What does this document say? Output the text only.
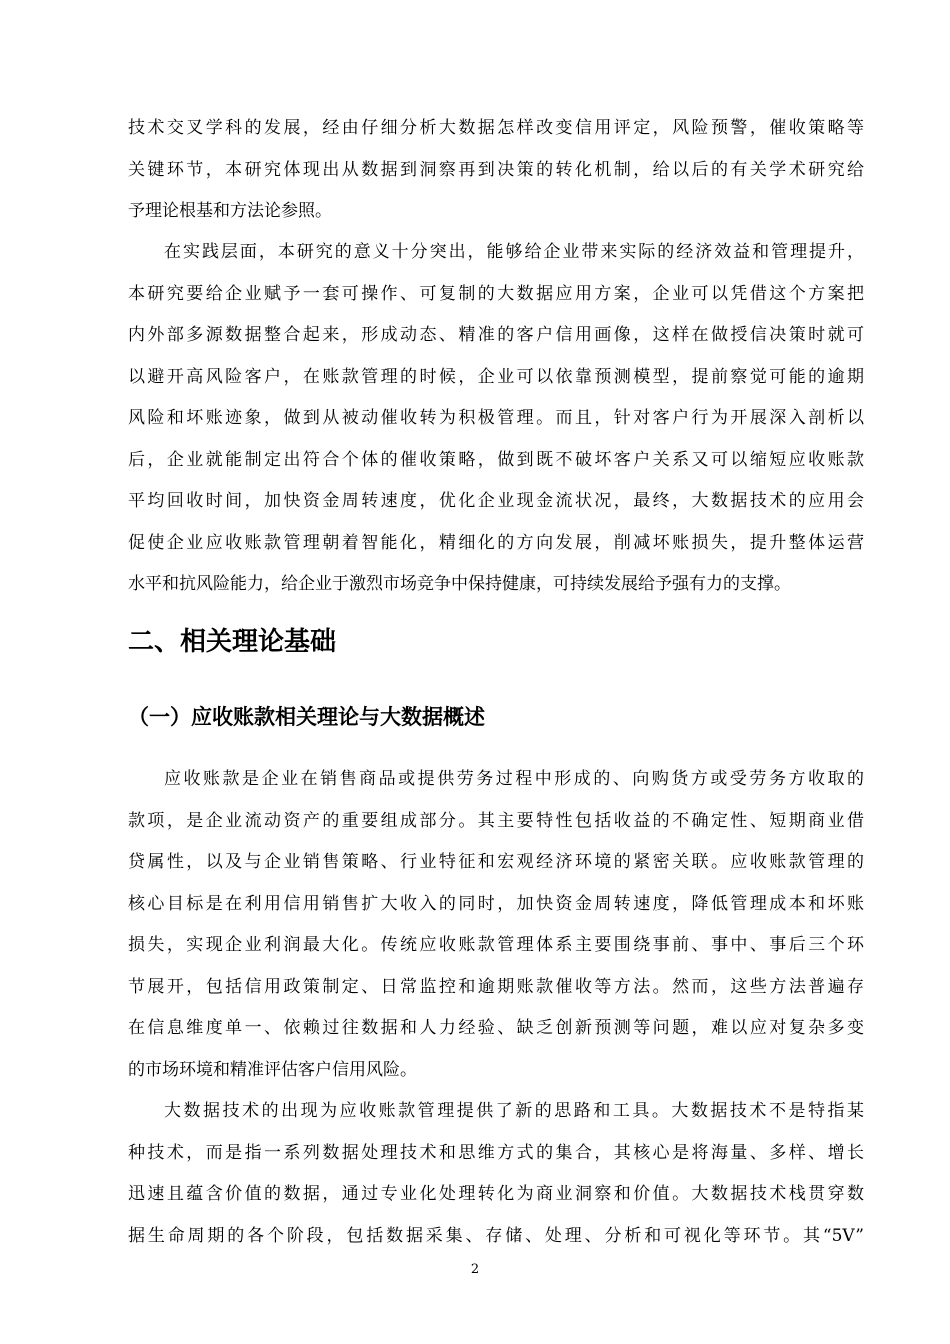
技术交叉学科的发展，经由仔细分析大数据怎样改变信用评定，风险预警，催收策略等
关键环节，本研究体现出从数据到洞察再到决策的转化机制，给以后的有关学术研究给
予理论根基和方法论参照。
在实践层面，本研究的意义十分突出，能够给企业带来实际的经济效益和管理提升，
本研究要给企业赋予一套可操作、可复制的大数据应用方案，企业可以凭借这个方案把
内外部多源数据整合起来，形成动态、精准的客户信用画像，这样在做授信决策时就可
以避开高风险客户，在账款管理的时候，企业可以依靠预测模型，提前察觉可能的逾期
风险和坏账迹象，做到从被动催收转为积极管理。而且，针对客户行为开展深入剖析以
后，企业就能制定出符合个体的催收策略，做到既不破坏客户关系又可以缩短应收账款
平均回收时间，加快资金周转速度，优化企业现金流状况，最终，大数据技术的应用会
促使企业应收账款管理朝着智能化，精细化的方向发展，削减坏账损失，提升整体运营
水平和抗风险能力，给企业于激烈市场竞争中保持健康，可持续发展给予强有力的支撑。
二、相关理论基础
（一）应收账款相关理论与大数据概述
应收账款是企业在销售商品或提供劳务过程中形成的、向购货方或受劳务方收取的
款项，是企业流动资产的重要组成部分。其主要特性包括收益的不确定性、短期商业借
贷属性，以及与企业销售策略、行业特征和宏观经济环境的紧密关联。应收账款管理的
核心目标是在利用信用销售扩大收入的同时，加快资金周转速度，降低管理成本和坏账
损失，实现企业利润最大化。传统应收账款管理体系主要围绕事前、事中、事后三个环
节展开，包括信用政策制定、日常监控和逾期账款催收等方法。然而，这些方法普遍存
在信息维度单一、依赖过往数据和人力经验、缺乏创新预测等问题，难以应对复杂多变
的市场环境和精准评估客户信用风险。
大数据技术的出现为应收账款管理提供了新的思路和工具。大数据技术不是特指某
种技术，而是指一系列数据处理技术和思维方式的集合，其核心是将海量、多样、增长
迅速且蕴含价值的数据，通过专业化处理转化为商业洞察和价值。大数据技术栈贯穿数
据生命周期的各个阶段，包括数据采集、存储、处理、分析和可视化等环节。其“5V”
2
